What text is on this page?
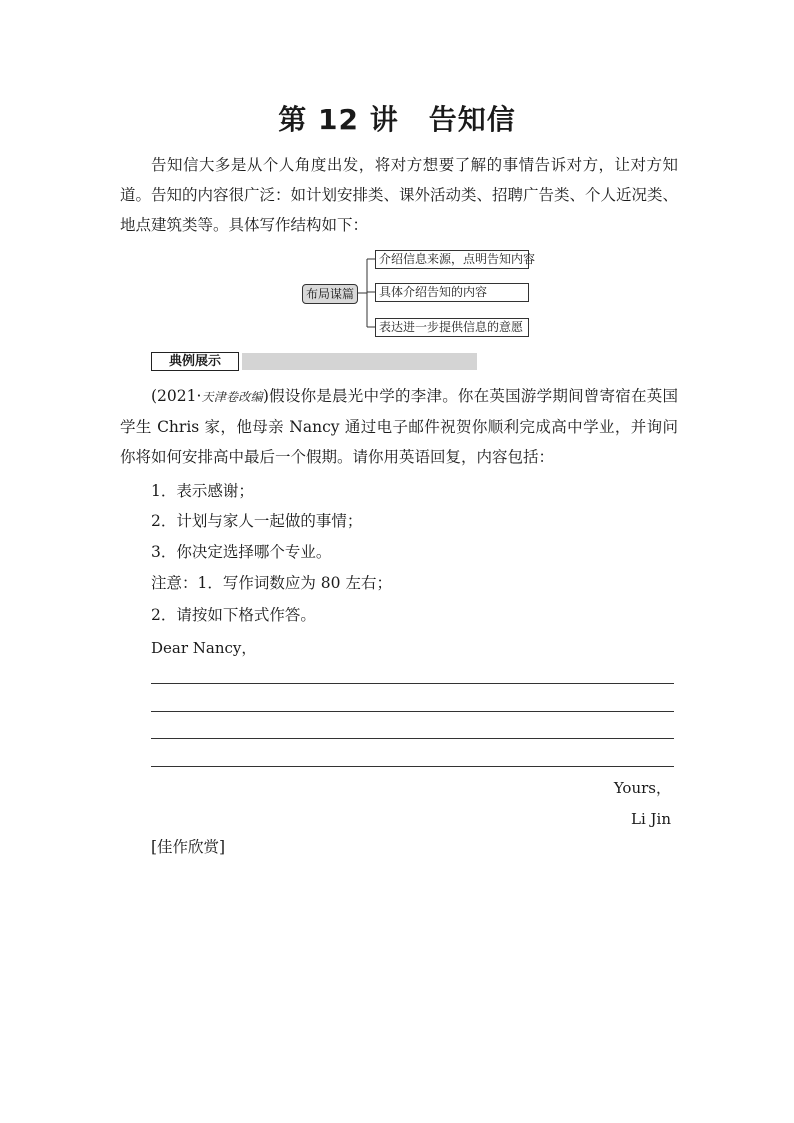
第 12 讲 告知信

告知信大多是从个人角度出发，将对方想要了解的事情告诉对方，让对方知道。告知的内容很广泛：如计划安排类、课外活动类、招聘广告类、个人近况类、地点建筑类等。具体写作结构如下：

布局谋篇
介绍信息来源，点明告知内容
具体介绍告知的内容
表达进一步提供信息的意愿
典例展示

(2021·天津卷改编)假设你是晨光中学的李津。你在英国游学期间曾寄宿在英国学生 Chris 家，他母亲 Nancy 通过电子邮件祝贺你顺利完成高中学业，并询问你将如何安排高中最后一个假期。请你用英语回复，内容包括：

1．表示感谢；

2．计划与家人一起做的事情；

3．你决定选择哪个专业。

注意：1．写作词数应为 80 左右；

2．请按如下格式作答。

Dear Nancy，

Yours，
Li Jin

[佳作欣赏]
